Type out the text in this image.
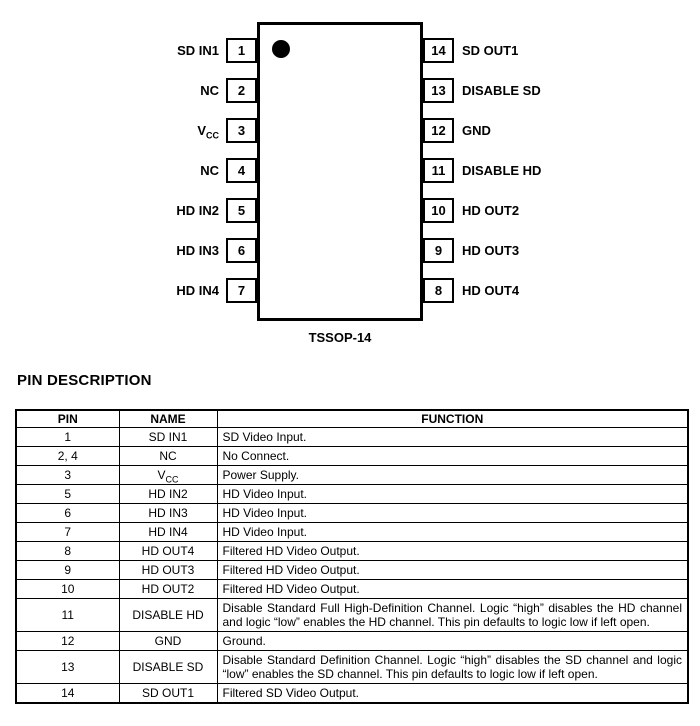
TSSOP-14
SD IN1	1
NC	2
$V_{CC}$	3
NC	4
HD IN2	5
HD IN3	6
HD IN4	7
14	SD OUT1
13	DISABLE SD
12	GND
11	DISABLE HD
10	HD OUT2
9	HD OUT3
8	HD OUT4
PIN DESCRIPTION
PIN	NAME	FUNCTION
1	SD IN1	SD Video Input.
2, 4	NC	No Connect.
3	$V_{CC}$	Power Supply.
5	HD IN2	HD Video Input.
6	HD IN3	HD Video Input.
7	HD IN4	HD Video Input.
8	HD OUT4	Filtered HD Video Output.
9	HD OUT3	Filtered HD Video Output.
10	HD OUT2	Filtered HD Video Output.
11	DISABLE HD	Disable Standard Full High-Definition Channel. Logic “high” disables the HD channel and logic “low” enables the HD channel. This pin defaults to logic low if left open.
12	GND	Ground.
13	DISABLE SD	Disable Standard Definition Channel. Logic “high” disables the SD channel and logic “low” enables the SD channel. This pin defaults to logic low if left open.
14	SD OUT1	Filtered SD Video Output.
